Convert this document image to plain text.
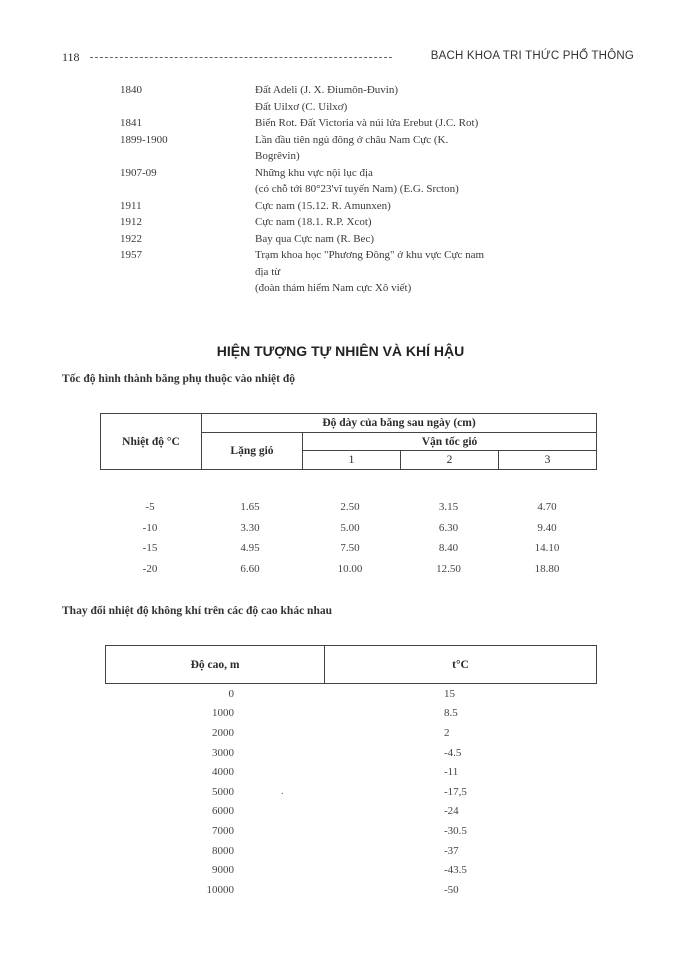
118	BACH KHOA TRI THỨC PHỔ THÔNG
1840	Đất Adeli (J. X. Điumôn-Đuvin)
Đất Uilxơ (C. Uilxơ)
1841	Biển Rot. Đất Victoria và núi lửa Erebut (J.C. Rot)
1899-1900	Lần đầu tiên ngủ đông ở châu Nam Cực (K.
Bogrêvin)
1907-09	Những khu vực nội lục địa
(có chỗ tới 80°23'vĩ tuyến Nam) (E.G. Srcton)
1911	Cực nam (15.12. R. Amunxen)
1912	Cực nam (18.1. R.P. Xcot)
1922	Bay qua Cực nam (R. Bec)
1957	Trạm khoa học "Phương Đông" ở khu vực Cực nam
địa từ
(đoàn thám hiểm Nam cực Xô viết)
HIỆN TƯỢNG TỰ NHIÊN VÀ KHÍ HẬU
Tốc độ hình thành băng phụ thuộc vào nhiệt độ
Nhiệt độ °C	Độ dày của băng sau ngày (cm)			
	Lặng gió	Vận tốc gió		
		1	2	3
-5	1.65	2.50	3.15	4.70
-10	3.30	5.00	6.30	9.40
-15	4.95	7.50	8.40	14.10
-20	6.60	10.00	12.50	18.80
Thay đổi nhiệt độ không khí trên các độ cao khác nhau
Độ cao, m	t°C
0		15
1000		8.5
2000		2
3000		-4.5
4000		-11
5000		-17,5
6000		-24
7000		-30.5
8000		-37
9000		-43.5
10000		-50
.
